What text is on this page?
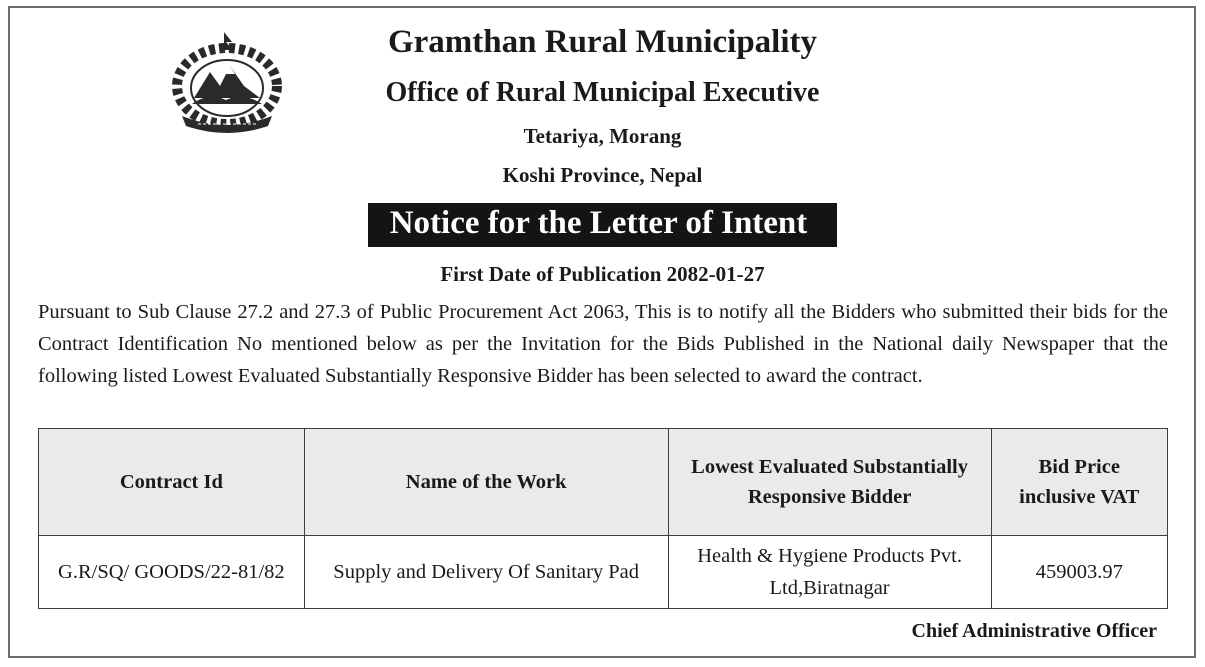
Gramthan Rural Municipality
Office of Rural Municipal Executive
Tetariya, Morang
Koshi Province, Nepal
Notice for the Letter of Intent
First Date of Publication 2082-01-27

Pursuant to Sub Clause 27.2 and 27.3 of Public Procurement Act 2063, This is to notify all the Bidders who submitted their bids for the Contract Identification No mentioned below as per the Invitation for the Bids Published in the National daily Newspaper that the following listed Lowest Evaluated Substantially Responsive Bidder has been selected to award the contract.

Contract Id	Name of the Work	Lowest Evaluated Substantially Responsive Bidder	Bid Price inclusive VAT
G.R/SQ/ GOODS/22-81/82	Supply and Delivery Of Sanitary Pad	Health & Hygiene Products Pvt. Ltd,Biratnagar	459003.97
Chief Administrative Officer
